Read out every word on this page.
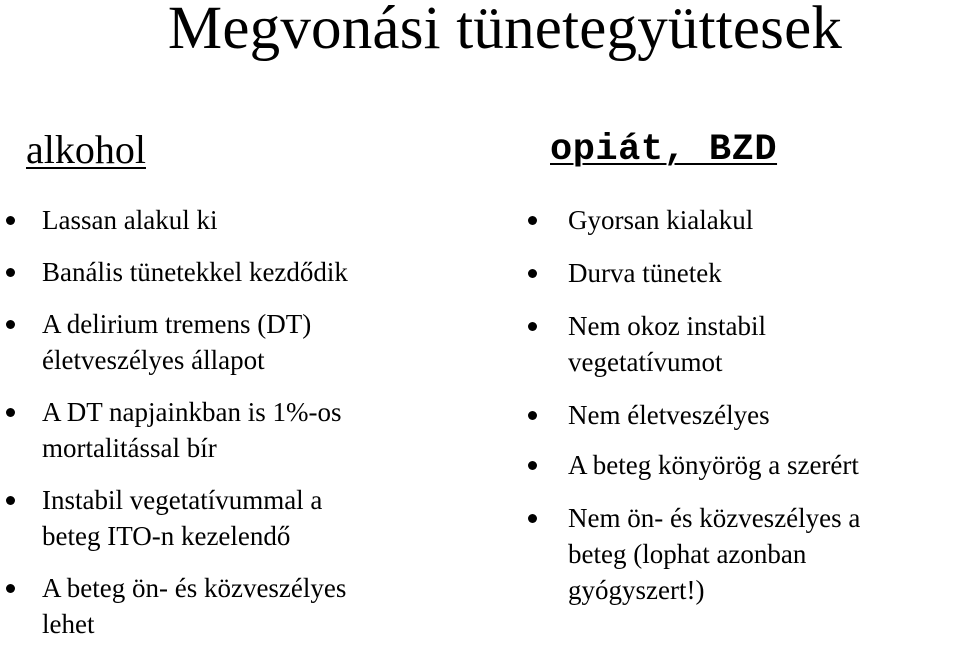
Megvonási tünetegyüttesek
alkohol
Lassan alakul ki
Banális tünetekkel kezdődik
A delirium tremens (DT)
életveszélyes állapot
A DT napjainkban is 1%-os
mortalitással bír
Instabil vegetatívummal a
beteg ITO-n kezelendő
A beteg ön- és közveszélyes
lehet
opiát, BZD
Gyorsan kialakul
Durva tünetek
Nem okoz instabil
vegetatívumot
Nem életveszélyes
A beteg könyörög a szerért
Nem ön- és közveszélyes a
beteg (lophat azonban
gyógyszert!)
